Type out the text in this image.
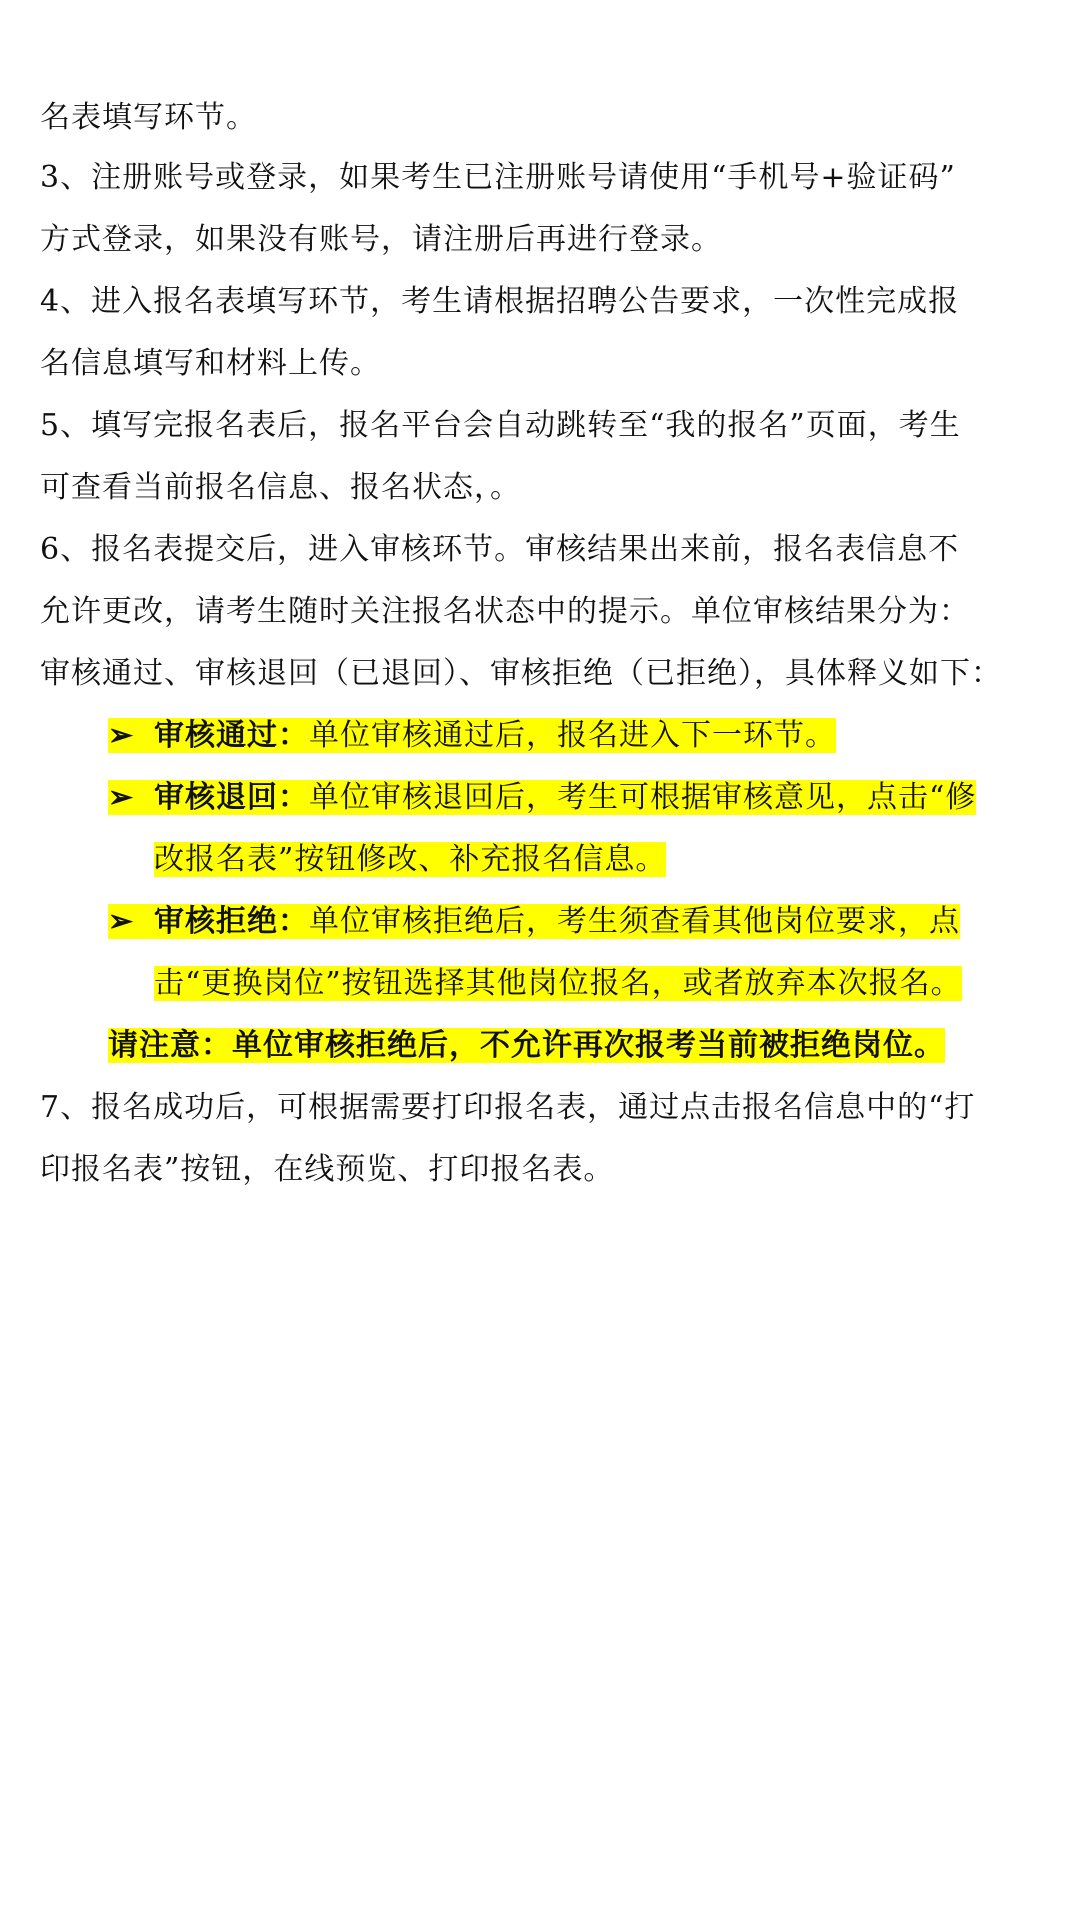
名表填写环节。
3、注册账号或登录，如果考生已注册账号请使用“手机号+验证码”
方式登录，如果没有账号，请注册后再进行登录。
4、进入报名表填写环节，考生请根据招聘公告要求，一次性完成报
名信息填写和材料上传。
5、填写完报名表后，报名平台会自动跳转至“我的报名”页面，考生
可查看当前报名信息、报名状态，。
6、报名表提交后，进入审核环节。审核结果出来前，报名表信息不
允许更改，请考生随时关注报名状态中的提示。单位审核结果分为：
审核通过、审核退回（已退回）、审核拒绝（已拒绝），具体释义如下：
➢ 审核通过：单位审核通过后，报名进入下一环节。
➢ 审核退回：单位审核退回后，考生可根据审核意见，点击“修
改报名表”按钮修改、补充报名信息。
➢ 审核拒绝：单位审核拒绝后，考生须查看其他岗位要求，点
击“更换岗位”按钮选择其他岗位报名，或者放弃本次报名。
请注意：单位审核拒绝后，不允许再次报考当前被拒绝岗位。
7、报名成功后，可根据需要打印报名表，通过点击报名信息中的“打
印报名表”按钮，在线预览、打印报名表。
